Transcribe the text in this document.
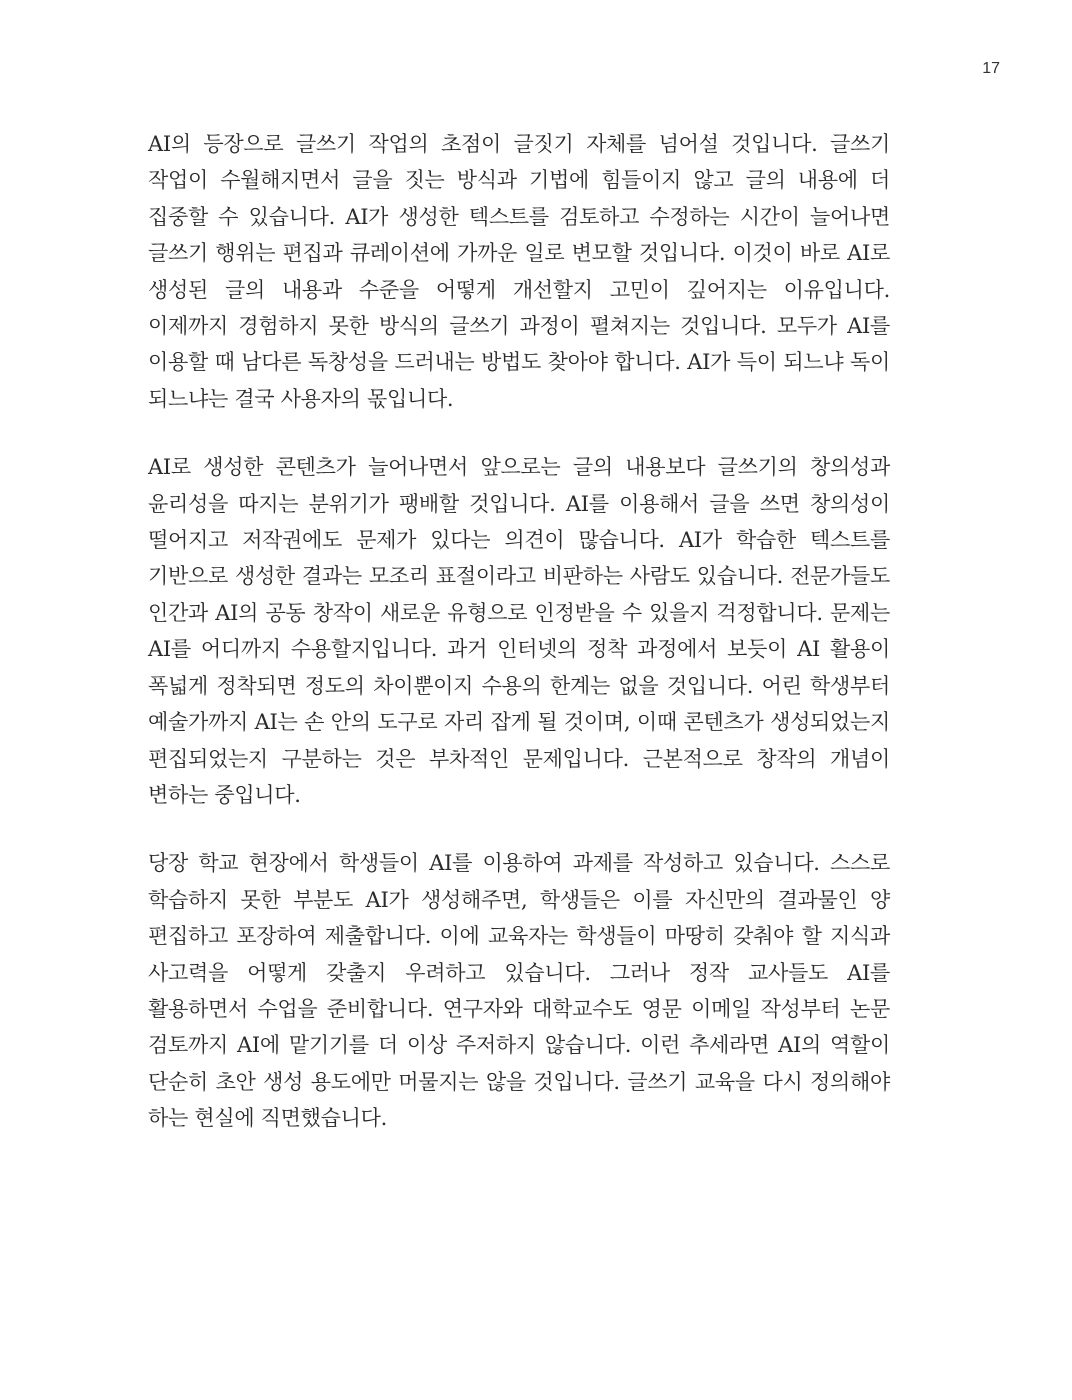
17

AI의 등장으로 글쓰기 작업의 초점이 글짓기 자체를 넘어설 것입니다. 글쓰기 작업이 수월해지면서 글을 짓는 방식과 기법에 힘들이지 않고 글의 내용에 더 집중할 수 있습니다. AI가 생성한 텍스트를 검토하고 수정하는 시간이 늘어나면 글쓰기 행위는 편집과 큐레이션에 가까운 일로 변모할 것입니다. 이것이 바로 AI로 생성된 글의 내용과 수준을 어떻게 개선할지 고민이 깊어지는 이유입니다. 이제까지 경험하지 못한 방식의 글쓰기 과정이 펼쳐지는 것입니다. 모두가 AI를 이용할 때 남다른 독창성을 드러내는 방법도 찾아야 합니다. AI가 득이 되느냐 독이 되느냐는 결국 사용자의 몫입니다.

AI로 생성한 콘텐츠가 늘어나면서 앞으로는 글의 내용보다 글쓰기의 창의성과 윤리성을 따지는 분위기가 팽배할 것입니다. AI를 이용해서 글을 쓰면 창의성이 떨어지고 저작권에도 문제가 있다는 의견이 많습니다. AI가 학습한 텍스트를 기반으로 생성한 결과는 모조리 표절이라고 비판하는 사람도 있습니다. 전문가들도 인간과 AI의 공동 창작이 새로운 유형으로 인정받을 수 있을지 걱정합니다. 문제는 AI를 어디까지 수용할지입니다. 과거 인터넷의 정착 과정에서 보듯이 AI 활용이 폭넓게 정착되면 정도의 차이뿐이지 수용의 한계는 없을 것입니다. 어린 학생부터 예술가까지 AI는 손 안의 도구로 자리 잡게 될 것이며, 이때 콘텐츠가 생성되었는지 편집되었는지 구분하는 것은 부차적인 문제입니다. 근본적으로 창작의 개념이 변하는 중입니다.

당장 학교 현장에서 학생들이 AI를 이용하여 과제를 작성하고 있습니다. 스스로 학습하지 못한 부분도 AI가 생성해주면, 학생들은 이를 자신만의 결과물인 양 편집하고 포장하여 제출합니다. 이에 교육자는 학생들이 마땅히 갖춰야 할 지식과 사고력을 어떻게 갖출지 우려하고 있습니다. 그러나 정작 교사들도 AI를 활용하면서 수업을 준비합니다. 연구자와 대학교수도 영문 이메일 작성부터 논문 검토까지 AI에 맡기기를 더 이상 주저하지 않습니다. 이런 추세라면 AI의 역할이 단순히 초안 생성 용도에만 머물지는 않을 것입니다. 글쓰기 교육을 다시 정의해야 하는 현실에 직면했습니다.
